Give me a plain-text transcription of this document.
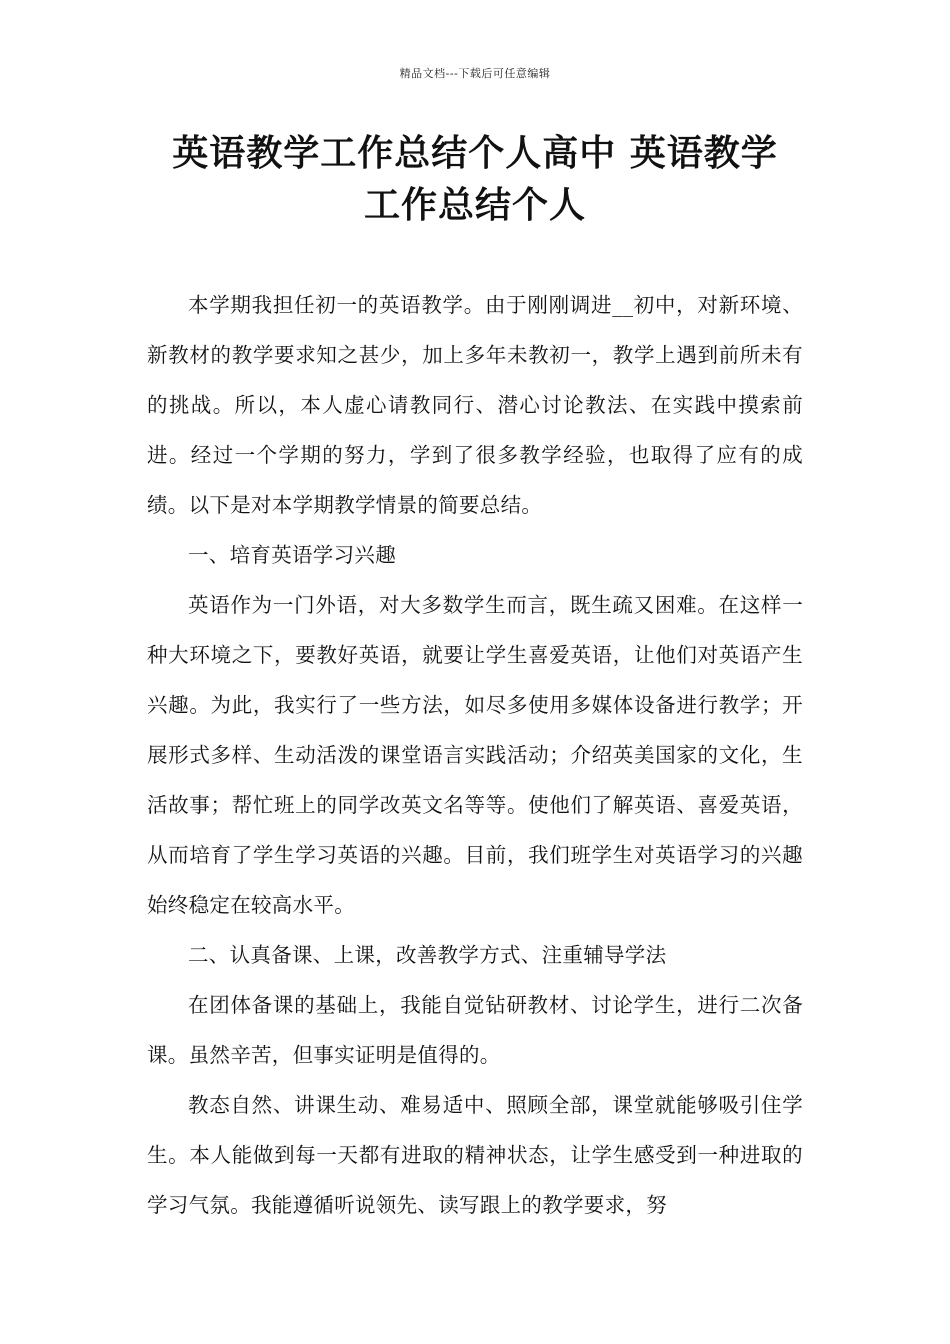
精品文档---下载后可任意编辑
英语教学工作总结个人高中 英语教学
工作总结个人

本学期我担任初一的英语教学。由于刚刚调进__初中，对新环境、新教材的教学要求知之甚少，加上多年未教初一，教学上遇到前所未有的挑战。所以，本人虚心请教同行、潜心讨论教法、在实践中摸索前进。经过一个学期的努力，学到了很多教学经验，也取得了应有的成绩。以下是对本学期教学情景的简要总结。

一、培育英语学习兴趣

英语作为一门外语，对大多数学生而言，既生疏又困难。在这样一种大环境之下，要教好英语，就要让学生喜爱英语，让他们对英语产生兴趣。为此，我实行了一些方法，如尽多使用多媒体设备进行教学；开展形式多样、生动活泼的课堂语言实践活动；介绍英美国家的文化，生活故事；帮忙班上的同学改英文名等等。使他们了解英语、喜爱英语，从而培育了学生学习英语的兴趣。目前，我们班学生对英语学习的兴趣始终稳定在较高水平。

二、认真备课、上课，改善教学方式、注重辅导学法

在团体备课的基础上，我能自觉钻研教材、讨论学生，进行二次备课。虽然辛苦，但事实证明是值得的。

教态自然、讲课生动、难易适中、照顾全部，课堂就能够吸引住学生。本人能做到每一天都有进取的精神状态，让学生感受到一种进取的学习气氛。我能遵循听说领先、读写跟上的教学要求，努
